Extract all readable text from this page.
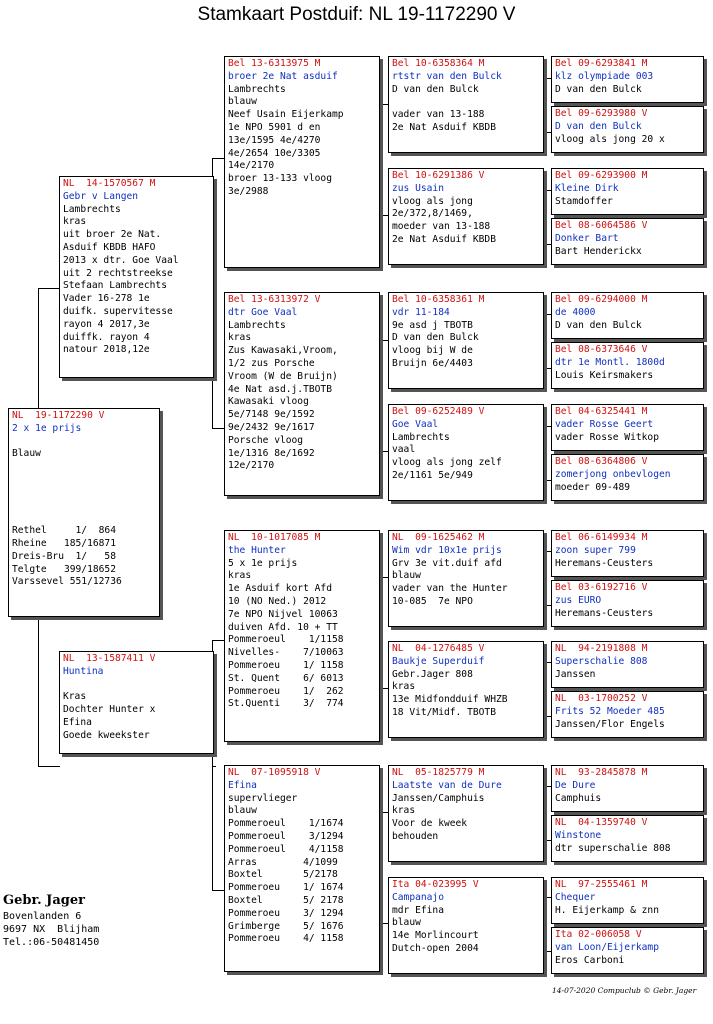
Stamkaart Postduif: NL 19-1172290 V
NL  19-1172290 V
2 x 1e prijs
Blauw
Rethel     1/  864
Rheine   185/16871
Dreis-Bru  1/   58
Telgte   399/18652
Varssevel 551/12736
NL  14-1570567 M
Gebr v Langen
Lambrechts
kras
uit broer 2e Nat.
Asduif KBDB HAFO
2013 x dtr. Goe Vaal
uit 2 rechtstreekse
Stefaan Lambrechts
Vader 16-278 1e
duifk. supervitesse
rayon 4 2017,3e
duiffk. rayon 4
natour 2018,12e
NL  13-1587411 V
Huntina
Kras
Dochter Hunter x
Efina
Goede kweekster
Bel 13-6313975 M
broer 2e Nat asduif
Lambrechts
blauw
Neef Usain Eijerkamp
1e NPO 5901 d en
13e/1595 4e/4270
4e/2654 10e/3305
14e/2170
broer 13-133 vloog
3e/2988
Bel 13-6313972 V
dtr Goe Vaal
Lambrechts
kras
Zus Kawasaki,Vroom,
1/2 zus Porsche
Vroom (W de Bruijn)
4e Nat asd.j.TBOTB
Kawasaki vloog
5e/7148 9e/1592
9e/2432 9e/1617
Porsche vloog
1e/1316 8e/1692
12e/2170
NL  10-1017085 M
the Hunter
5 x 1e prijs
kras
1e Asduif kort Afd
10 (NO Ned.) 2012
7e NPO Nijvel 10063
duiven Afd. 10 + TT
Pommeroeul    1/1158
Nivelles-    7/10063
Pommeroeu    1/ 1158
St. Quent    6/ 6013
Pommeroeu    1/  262
St.Quenti    3/  774
NL  07-1095918 V
Efina
supervlieger
blauw
Pommeroeul    1/1674
Pommeroeul    3/1294
Pommeroeul    4/1158
Arras        4/1099
Boxtel       5/2178
Pommeroeu    1/ 1674
Boxtel       5/ 2178
Pommeroeu    3/ 1294
Grimberge    5/ 1676
Pommeroeu    4/ 1158
Bel 10-6358364 M
rtstr van den Bulck
D van den Bulck
vader van 13-188
2e Nat Asduif KBDB
Bel 10-6291386 V
zus Usain
vloog als jong
2e/372,8/1469,
moeder van 13-188
2e Nat Asduif KBDB
Bel 10-6358361 M
vdr 11-184
9e asd j TBOTB
D van den Bulck
vloog bij W de
Bruijn 6e/4403
Bel 09-6252489 V
Goe Vaal
Lambrechts
vaal
vloog als jong zelf
2e/1161 5e/949
NL  09-1625462 M
Wim vdr 10x1e prijs
Grv 3e vit.duif afd
blauw
vader van the Hunter
10-085  7e NPO
NL  04-1276485 V
Baukje Superduif
Gebr.Jager 808
kras
13e Midfondduif WHZB
18 Vit/Midf. TBOTB
NL  05-1825779 M
Laatste van de Dure
Janssen/Camphuis
kras
Voor de kweek
behouden
Ita 04-023995 V
Campanajo
mdr Efina
blauw
14e Morlincourt
Dutch-open 2004
Bel 09-6293841 M
klz olympiade 003
D van den Bulck
Bel 09-6293980 V
D van den Bulck
vloog als jong 20 x
Bel 09-6293900 M
Kleine Dirk
Stamdoffer
Bel 08-6064586 V
Donker Bart
Bart Henderickx
Bel 09-6294000 M
de 4000
D van den Bulck
Bel 08-6373646 V
dtr 1e Montl. 1800d
Louis Keirsmakers
Bel 04-6325441 M
vader Rosse Geert
vader Rosse Witkop
Bel 08-6364806 V
zomerjong onbevlogen
moeder 09-489
Bel 06-6149934 M
zoon super 799
Heremans-Ceusters
Bel 03-6192716 V
zus EURO
Heremans-Ceusters
NL  94-2191808 M
Superschalie 808
Janssen
NL  03-1700252 V
Frits 52 Moeder 485
Janssen/Flor Engels
NL  93-2845878 M
De Dure
Camphuis
NL  04-1359740 V
Winstone
dtr superschalie 808
NL  97-2555461 M
Chequer
H. Eijerkamp & znn
Ita 02-006058 V
van Loon/Eijerkamp
Eros Carboni
Gebr. Jager
Bovenlanden 6
9697 NX  Blijham
Tel.:06-50481450
14-07-2020 Compuclub © Gebr. Jager
